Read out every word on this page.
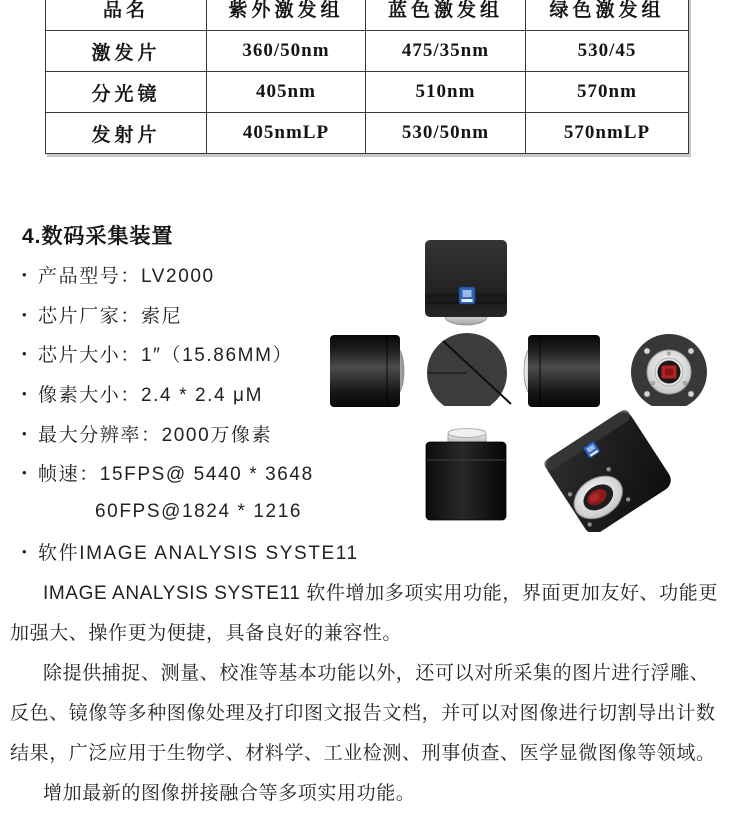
品名	紫外激发组	蓝色激发组	绿色激发组
激发片	360/50nm	475/35nm	530/45
分光镜	405nm	510nm	570nm
发射片	405nmLP	530/50nm	570nmLP
4.数码采集装置
• 产品型号：LV2000
• 芯片厂家：索尼
• 芯片大小：1″（15.86MM）
• 像素大小：2.4 * 2.4 μM
• 最大分辨率：2000万像素
• 帧速：15FPS@ 5440 * 3648
60FPS@1824 * 1216
• 软件IMAGE ANALYSIS SYSTE11
IMAGE ANALYSIS SYSTE11 软件增加多项实用功能，界面更加友好、功能更
加强大、操作更为便捷，具备良好的兼容性。
除提供捕捉、测量、校准等基本功能以外，还可以对所采集的图片进行浮雕、
反色、镜像等多种图像处理及打印图文报告文档，并可以对图像进行切割导出计数
结果，广泛应用于生物学、材料学、工业检测、刑事侦查、医学显微图像等领域。
增加最新的图像拼接融合等多项实用功能。
